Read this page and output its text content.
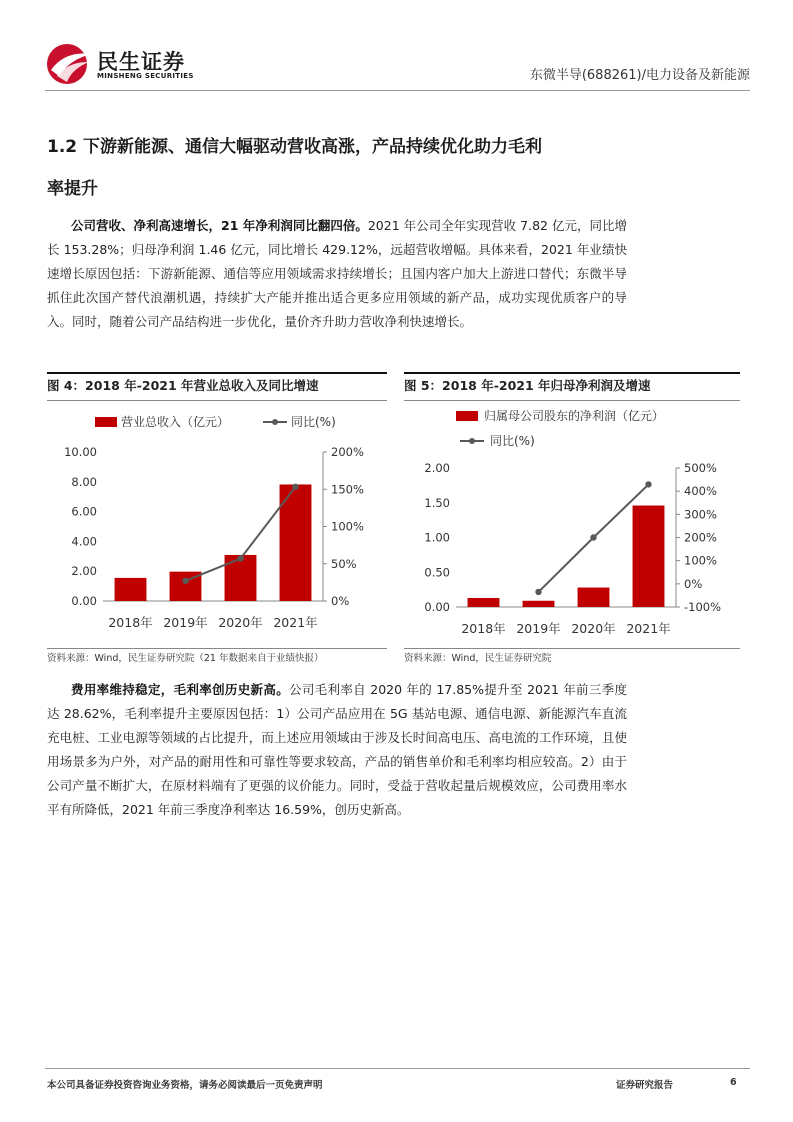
民生证券
MINSHENG SECURITIES	东微半导(688261)/电力设备及新能源
1.2 下游新能源、通信大幅驱动营收高涨，产品持续优化助力毛利
率提升
公司营收、净利高速增长，21 年净利润同比翻四倍。2021 年公司全年实现营收 7.82 亿元，同比增长 153.28%；归母净利润 1.46 亿元，同比增长 429.12%，远超营收增幅。具体来看，2021 年业绩快速增长原因包括：下游新能源、通信等应用领域需求持续增长；且国内客户加大上游进口替代；东微半导抓住此次国产替代浪潮机遇，持续扩大产能并推出适合更多应用领域的新产品，成功实现优质客户的导入。同时，随着公司产品结构进一步优化，量价齐升助力营收净利快速增长。
图 4：2018 年-2021 年营业总收入及同比增速
营业总收入（亿元）	同比(%)
0.00
2.00
4.00
6.00
8.00
10.00
0%
50%
100%
150%
200%
2018年 2019年 2020年 2021年
资料来源：Wind，民生证券研究院（21 年数据来自于业绩快报）
图 5：2018 年-2021 年归母净利润及增速
归属母公司股东的净利润（亿元）
同比(%)
0.00
0.50
1.00
1.50
2.00
-100%
0%
100%
200%
300%
400%
500%
2018年 2019年 2020年 2021年
资料来源：Wind，民生证券研究院
费用率维持稳定，毛利率创历史新高。公司毛利率自 2020 年的 17.85%提升至 2021 年前三季度达 28.62%，毛利率提升主要原因包括：1）公司产品应用在 5G 基站电源、通信电源、新能源汽车直流充电桩、工业电源等领域的占比提升，而上述应用领域由于涉及长时间高电压、高电流的工作环境，且使用场景多为户外，对产品的耐用性和可靠性等要求较高，产品的销售单价和毛利率均相应较高。2）由于公司产量不断扩大，在原材料端有了更强的议价能力。同时，受益于营收起量后规模效应，公司费用率水平有所降低，2021 年前三季度净利率达 16.59%，创历史新高。
本公司具备证券投资咨询业务资格，请务必阅读最后一页免责声明	证券研究报告	6
